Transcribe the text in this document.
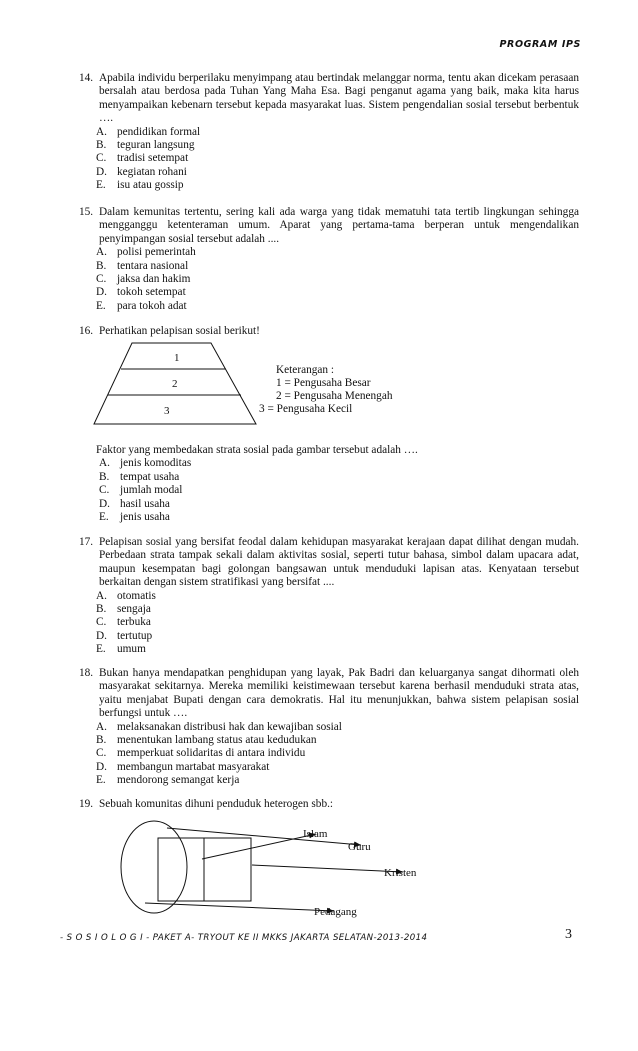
PROGRAM IPS
14. Apabila individu berperilaku menyimpang atau bertindak melanggar norma, tentu akan dicekam perasaan bersalah atau berdosa pada Tuhan Yang Maha Esa. Bagi penganut agama yang baik, maka kita harus menyampaikan kebenarn tersebut kepada masyarakat luas. Sistem pengendalian sosial tersebut berbentuk ….
A. pendidikan formal
B. teguran langsung
C. tradisi setempat
D. kegiatan rohani
E. isu atau gossip
15. Dalam kemunitas tertentu, sering kali ada warga yang tidak mematuhi tata tertib lingkungan sehingga mengganggu ketenteraman umum. Aparat yang pertama-tama berperan untuk mengendalikan penyimpangan sosial tersebut adalah ....
A. polisi pemerintah
B. tentara nasional
C. jaksa dan hakim
D. tokoh setempat
E. para tokoh adat
16. Perhatikan pelapisan sosial berikut!
1
2
3
Keterangan :
1 = Pengusaha Besar
2 = Pengusaha Menengah
3 = Pengusaha Kecil
Faktor yang membedakan strata sosial pada gambar tersebut adalah ….
A. jenis komoditas
B. tempat usaha
C. jumlah modal
D. hasil usaha
E. jenis usaha
17. Pelapisan sosial yang bersifat feodal dalam kehidupan masyarakat kerajaan dapat dilihat dengan mudah. Perbedaan strata tampak sekali dalam aktivitas sosial, seperti tutur bahasa, simbol dalam upacara adat, maupun kesempatan bagi golongan bangsawan untuk menduduki lapisan atas. Kenyataan tersebut berkaitan dengan sistem stratifikasi yang bersifat ....
A. otomatis
B. sengaja
C. terbuka
D. tertutup
E. umum
18. Bukan hanya mendapatkan penghidupan yang layak, Pak Badri dan keluarganya sangat dihormati oleh masyarakat sekitarnya. Mereka memiliki keistimewaan tersebut karena berhasil menduduki strata atas, yaitu menjabat Bupati dengan cara demokratis. Hal itu menunjukkan, bahwa sistem pelapisan sosial berfungsi untuk ….
A. melaksanakan distribusi hak dan kewajiban sosial
B. menentukan lambang status atau kedudukan
C. memperkuat solidaritas di antara individu
D. membangun martabat masyarakat
E. mendorong semangat kerja
19. Sebuah komunitas dihuni penduduk heterogen sbb.:
Islam
Guru
Kristen
Pedagang
- S O S I O L O G I - PAKET A- TRYOUT KE II MKKS JAKARTA SELATAN-2013-2014	3
